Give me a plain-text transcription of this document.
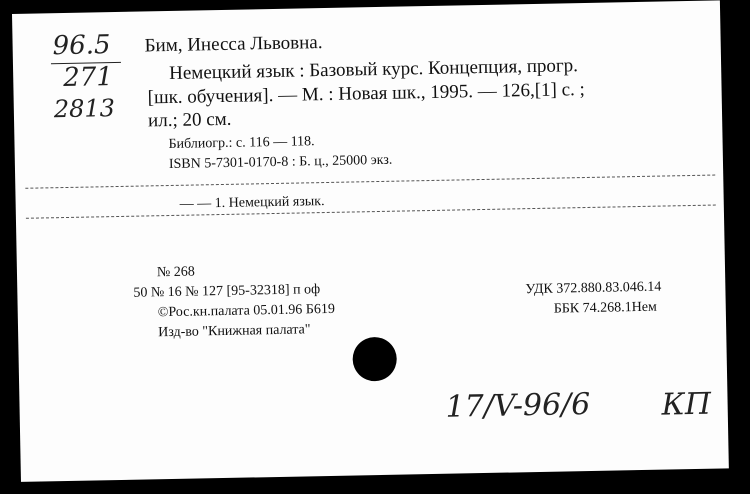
96.5
271
2813
Бим, Инесса Львовна.
Немецкий язык : Базовый курс. Концепция, прогр.
[шк. обучения]. — М. : Новая шк., 1995. — 126,[1] с. ;
ил.; 20 см.
Библиогр.: с. 116 — 118.
ISBN 5-7301-0170-8 : Б. ц., 25000 экз.
— — 1. Немецкий язык.
№ 268
50 № 16 № 127 [95-32318] п оф
©Рос.кн.палата 05.01.96 Б619
Изд-во "Книжная палата"
УДК 372.880.83.046.14
ББК 74.268.1Нем
17/V-96/6 КП
